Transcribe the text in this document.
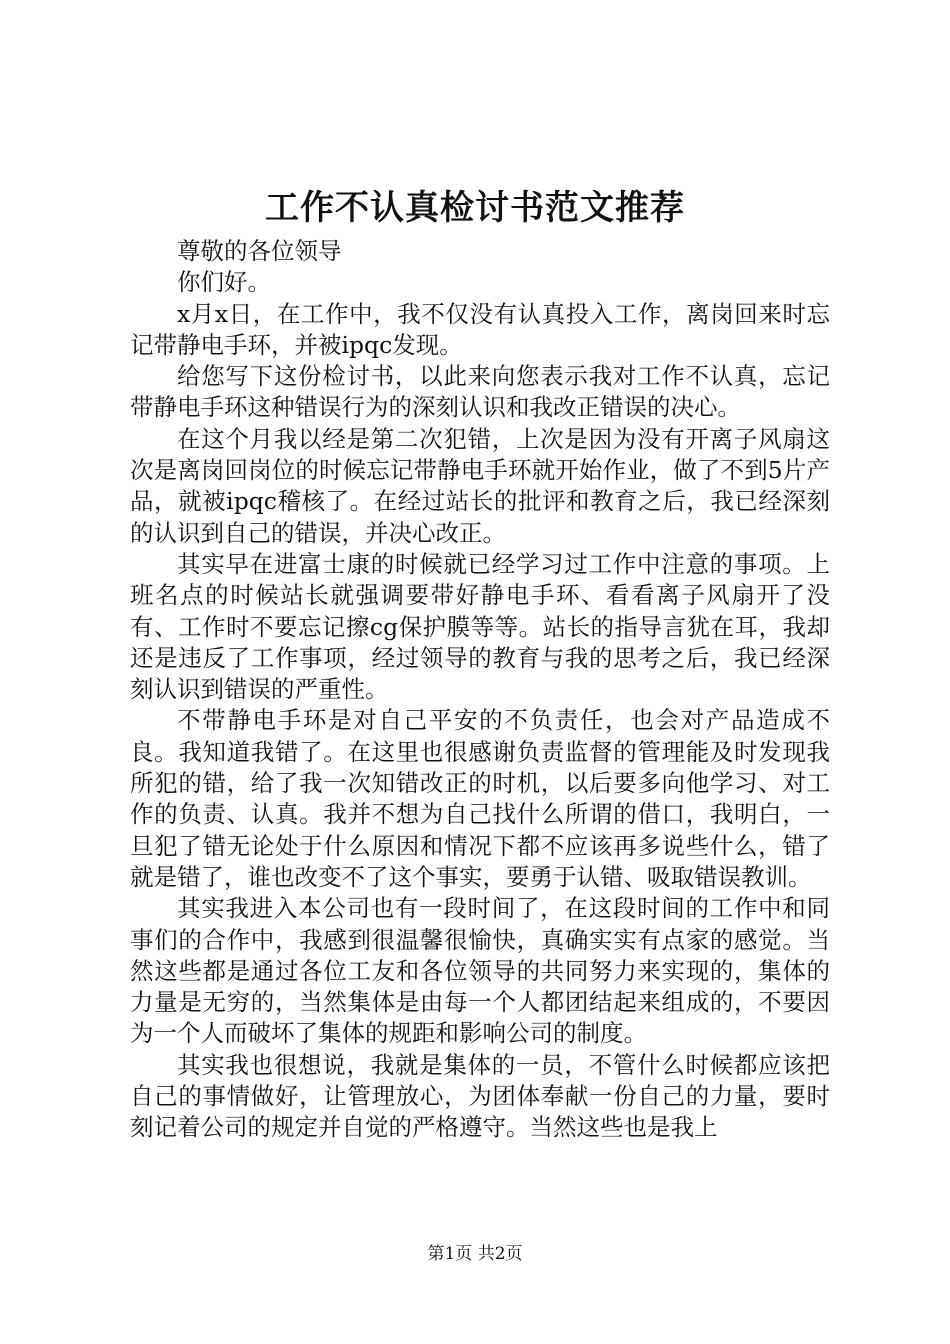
工作不认真检讨书范文推荐

尊敬的各位领导

你们好。

x月x日，在工作中，我不仅没有认真投入工作，离岗回来时忘记带静电手环，并被ipqc发现。

给您写下这份检讨书，以此来向您表示我对工作不认真，忘记带静电手环这种错误行为的深刻认识和我改正错误的决心。

在这个月我以经是第二次犯错，上次是因为没有开离子风扇这次是离岗回岗位的时候忘记带静电手环就开始作业，做了不到5片产品，就被ipqc稽核了。在经过站长的批评和教育之后，我已经深刻的认识到自己的错误，并决心改正。

其实早在进富士康的时候就已经学习过工作中注意的事项。上班名点的时候站长就强调要带好静电手环、看看离子风扇开了没有、工作时不要忘记擦cg保护膜等等。站长的指导言犹在耳，我却还是违反了工作事项，经过领导的教育与我的思考之后，我已经深刻认识到错误的严重性。

不带静电手环是对自己平安的不负责任，也会对产品造成不良。我知道我错了。在这里也很感谢负责监督的管理能及时发现我所犯的错，给了我一次知错改正的时机，以后要多向他学习、对工作的负责、认真。我并不想为自己找什么所谓的借口，我明白，一旦犯了错无论处于什么原因和情况下都不应该再多说些什么，错了就是错了，谁也改变不了这个事实，要勇于认错、吸取错误教训。

其实我进入本公司也有一段时间了，在这段时间的工作中和同事们的合作中，我感到很温馨很愉快，真确实实有点家的感觉。当然这些都是通过各位工友和各位领导的共同努力来实现的，集体的力量是无穷的，当然集体是由每一个人都团结起来组成的，不要因为一个人而破坏了集体的规距和影响公司的制度。

其实我也很想说，我就是集体的一员，不管什么时候都应该把自己的事情做好，让管理放心，为团体奉献一份自己的力量，要时刻记着公司的规定并自觉的严格遵守。当然这些也是我上

第1页 共2页
